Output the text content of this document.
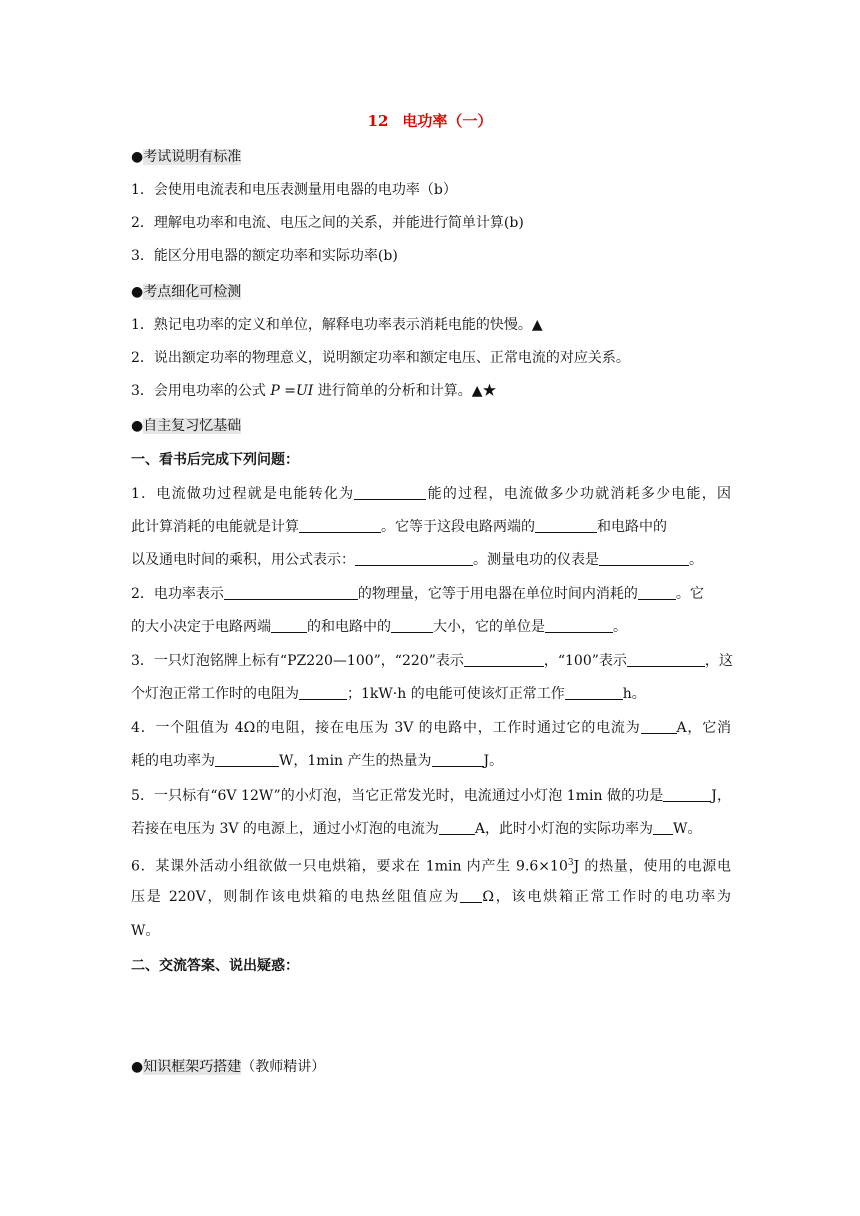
12 电功率（一）
●考试说明有标准
1．会使用电流表和电压表测量用电器的电功率（b）
2．理解电功率和电流、电压之间的关系，并能进行简单计算(b)
3．能区分用电器的额定功率和实际功率(b)
●考点细化可检测
1．熟记电功率的定义和单位，解释电功率表示消耗电能的快慢。▲
2．说出额定功率的物理意义，说明额定功率和额定电压、正常电流的对应关系。
3．会用电功率的公式 P =UI 进行简单的分析和计算。▲★
●自主复习忆基础
一、看书后完成下列问题：
1．电流做功过程就是电能转化为	能的过程，电流做多少功就消耗多少电能，因
此计算消耗的电能就是计算	。它等于这段电路两端的	和电路中的
以及通电时间的乘积，用公式表示：	。测量电功的仪表是	。
2．电功率表示	的物理量，它等于用电器在单位时间内消耗的	。它
的大小决定于电路两端	的和电路中的	大小，它的单位是	。
3．一只灯泡铭牌上标有“PZ220—100”，“220”表示	，“100”表示	，这
个灯泡正常工作时的电阻为	；1kW·h 的电能可使该灯正常工作	h。
4．一个阻值为 4Ω的电阻，接在电压为 3V 的电路中，工作时通过它的电流为	A，它消
耗的电功率为	W，1min 产生的热量为	J。
5．一只标有“6V 12W”的小灯泡，当它正常发光时，电流通过小灯泡 1min 做的功是	J，
若接在电压为 3V 的电源上，通过小灯泡的电流为	A，此时小灯泡的实际功率为 W。
6．某课外活动小组欲做一只电烘箱，要求在 1min 内产生 $9.6\times 10^3J$ 的热量，使用的电源电
压是 220V，则制作该电烘箱的电热丝阻值应为 Ω，该电烘箱正常工作时的电功率为
W。
二、交流答案、说出疑惑：
●知识框架巧搭建（教师精讲）
